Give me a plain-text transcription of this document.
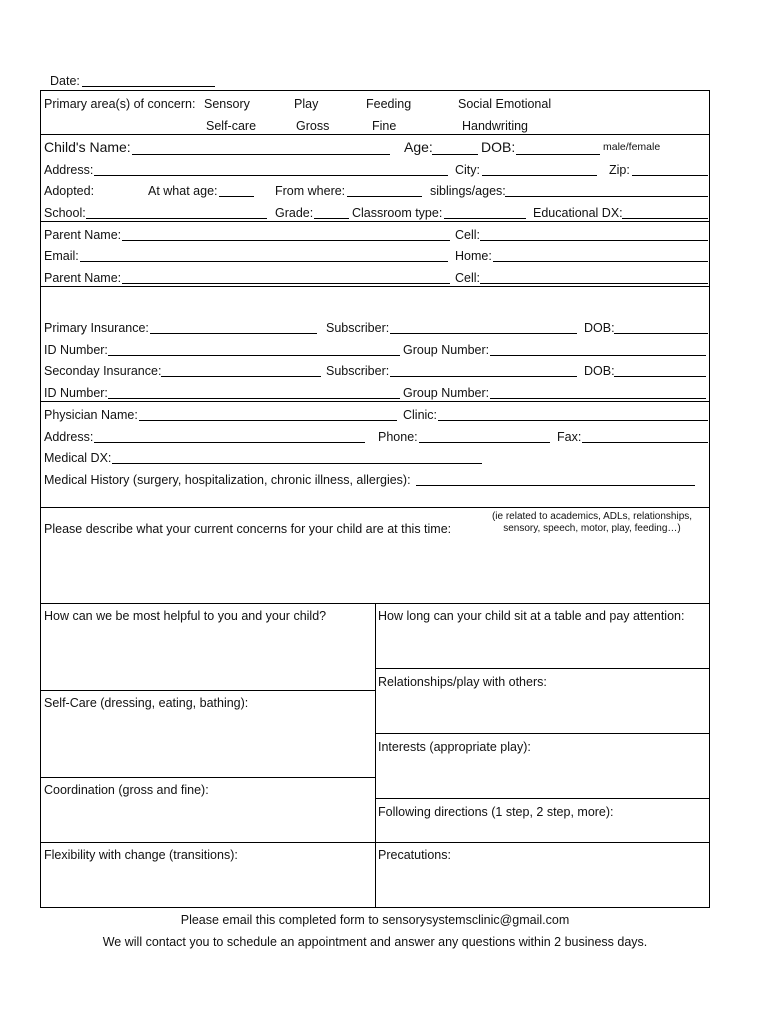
Date:
Primary area(s) of concern: Sensory	Play	Feeding	Social Emotional
Self-care	Gross	Fine	Handwriting
Child's Name:	Age:	DOB:	male/female
Address:	City:	Zip:
Adopted:	At what age:	From where:	siblings/ages:
School:	Grade:	Classroom type:	Educational DX:
Parent Name:	Cell:
Email:	Home:
Parent Name:	Cell:
Primary Insurance:	Subscriber:	DOB:
ID Number:	Group Number:
Seconday Insurance:	Subscriber:	DOB:
ID Number:	Group Number:
Physician Name:	Clinic:
Address:	Phone:	Fax:
Medical DX:
Medical History (surgery, hospitalization, chronic illness, allergies):
Please describe what your current concerns for your child are at this time:
(ie related to academics, ADLs, relationships, sensory, speech, motor, play, feeding…)
How can we be most helpful to you and your child?	How long can your child sit at a table and pay attention:
Relationships/play with others:
Self-Care (dressing, eating, bathing):
Interests (appropriate play):
Coordination (gross and fine):
Following directions (1 step, 2 step, more):
Flexibility with change (transitions):	Precatutions:
Please email this completed form to sensorysystemsclinic@gmail.com
We will contact you to schedule an appointment and answer any questions within 2 business days.
